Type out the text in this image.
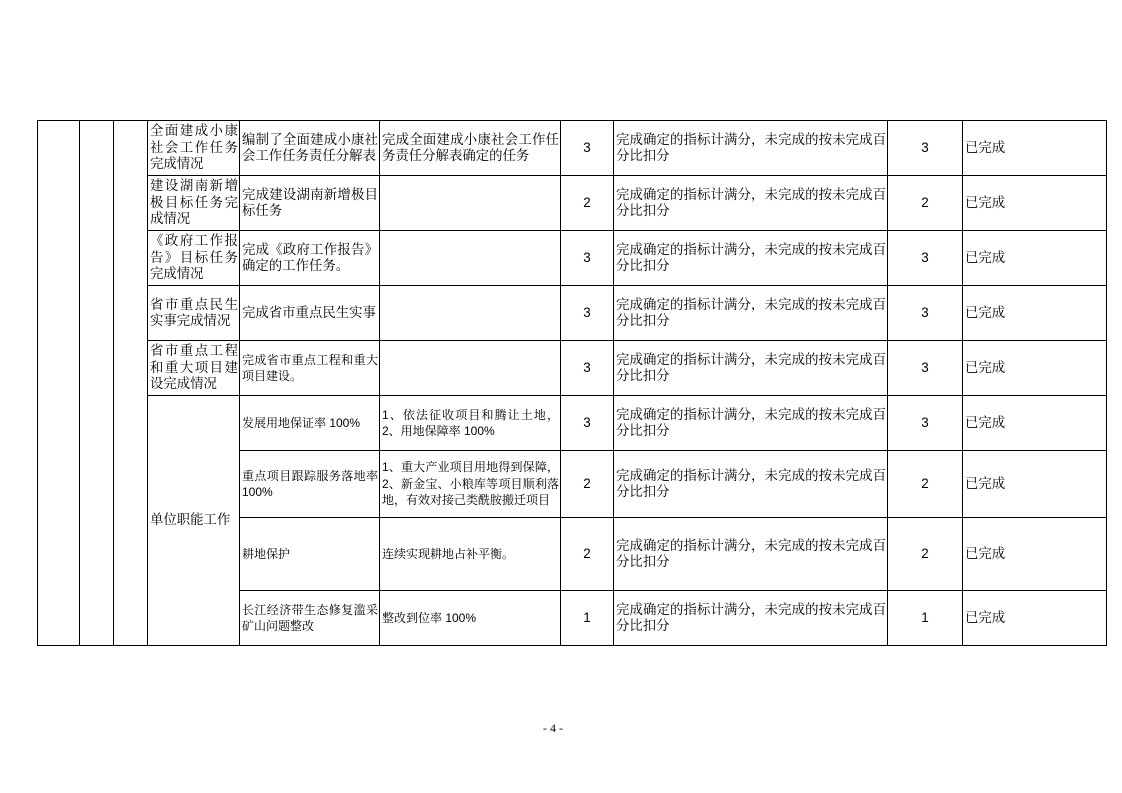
			全面建成小康社会工作任务完成情况	编制了全面建成小康社会工作任务责任分解表	完成全面建成小康社会工作任务责任分解表确定的任务	3	完成确定的指标计满分，未完成的按未完成百分比扣分	3	已完成
			建设湖南新增极目标任务完成情况	完成建设湖南新增极目标任务		2	完成确定的指标计满分，未完成的按未完成百分比扣分	2	已完成
			《政府工作报告》目标任务完成情况	完成《政府工作报告》确定的工作任务。		3	完成确定的指标计满分，未完成的按未完成百分比扣分	3	已完成
			省市重点民生实事完成情况	完成省市重点民生实事		3	完成确定的指标计满分，未完成的按未完成百分比扣分	3	已完成
			省市重点工程和重大项目建设完成情况	完成省市重点工程和重大项目建设。		3	完成确定的指标计满分，未完成的按未完成百分比扣分	3	已完成
			单位职能工作	发展用地保证率 100%	1、依法征收项目和腾让土地，2、用地保障率 100%	3	完成确定的指标计满分，未完成的按未完成百分比扣分	3	已完成
				重点项目跟踪服务落地率100%	1、重大产业项目用地得到保障，2、新金宝、小粮库等项目顺利落地，有效对接己类酰胺搬迁项目	2	完成确定的指标计满分，未完成的按未完成百分比扣分	2	已完成
				耕地保护	连续实现耕地占补平衡。	2	完成确定的指标计满分，未完成的按未完成百分比扣分	2	已完成
				长江经济带生态修复滥采矿山问题整改	整改到位率 100%	1	完成确定的指标计满分，未完成的按未完成百分比扣分	1	已完成
- 4 -
